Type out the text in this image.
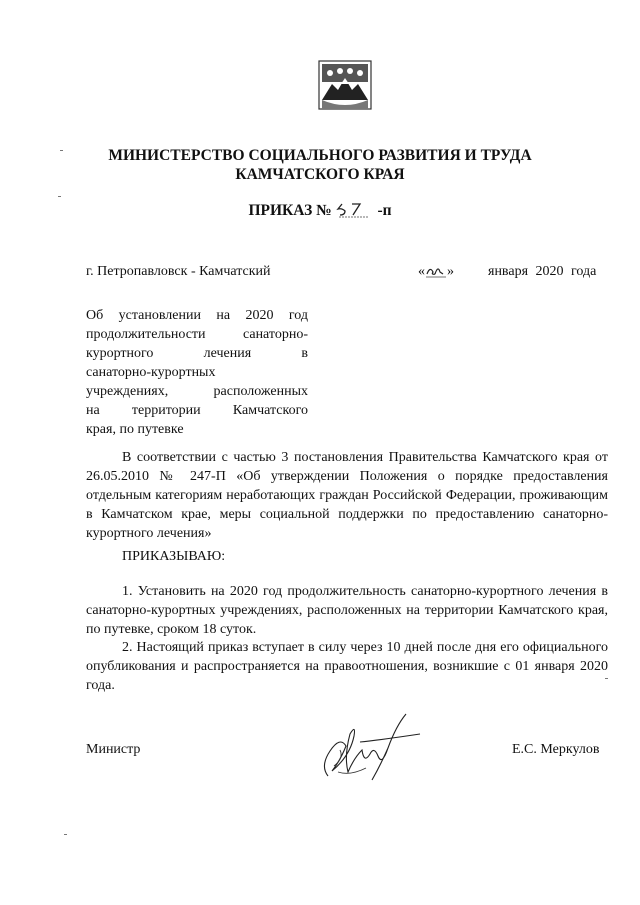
МИНИСТЕРСТВО СОЦИАЛЬНОГО РАЗВИТИЯ И ТРУДА
КАМЧАТСКОГО КРАЯ
ПРИКАЗ №	-п
г. Петропавловск - Камчатский	« » января 2020 года
Об установлении на 2020 год
продолжительности санаторно-
курортного лечения в
санаторно-курортных
учреждениях, расположенных
на территории Камчатского
края, по путевке
В соответствии с частью 3 постановления Правительства Камчатского края от 26.05.2010 № 247-П «Об утверждении Положения о порядке предоставления отдельным категориям неработающих граждан Российской Федерации, проживающим в Камчатском крае, меры социальной поддержки по предоставлению санаторно-курортного лечения»
ПРИКАЗЫВАЮ:
1. Установить на 2020 год продолжительность санаторно-курортного лечения в санаторно-курортных учреждениях, расположенных на территории Камчатского края, по путевке, сроком 18 суток.
2. Настоящий приказ вступает в силу через 10 дней после дня его официального опубликования и распространяется на правоотношения, возникшие с 01 января 2020 года.
Министр	Е.С. Меркулов
